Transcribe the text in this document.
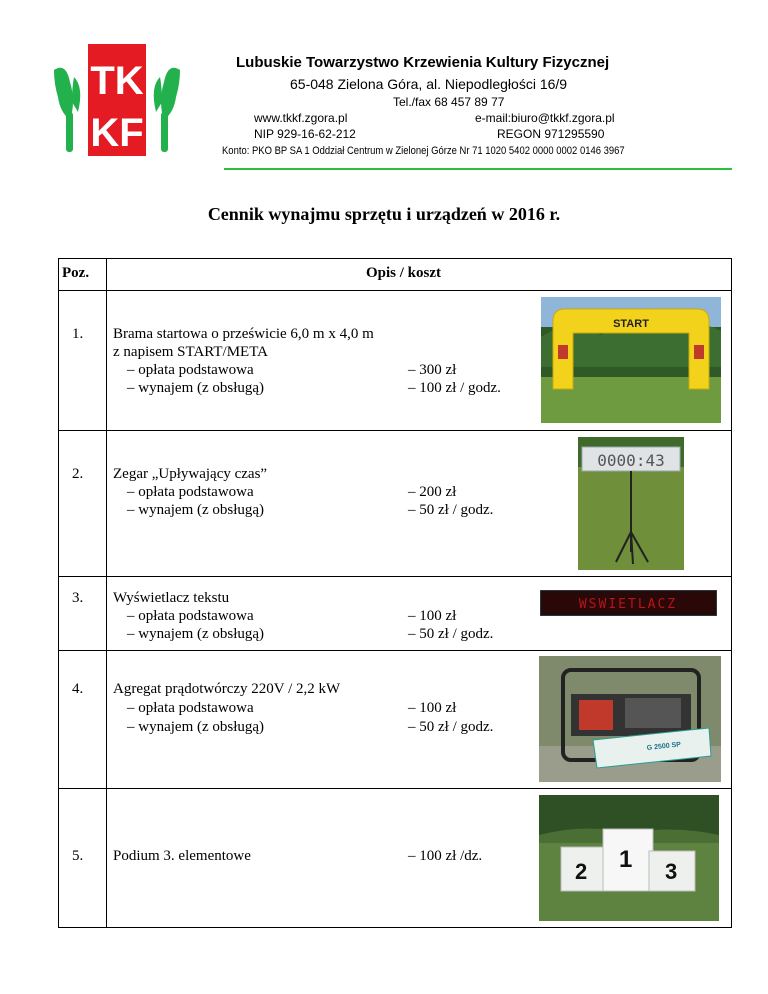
TK
KF
Lubuskie Towarzystwo Krzewienia Kultury Fizycznej
65-048 Zielona Góra, al. Niepodległości 16/9
Tel./fax 68 457 89 77
www.tkkf.zgora.pl	e-mail:biuro@tkkf.zgora.pl
NIP 929-16-62-212	REGON 971295590
Konto: PKO BP SA 1 Oddział Centrum w Zielonej Górze Nr 71 1020 5402 0000 0002 0146 3967
Cennik wynajmu sprzętu i urządzeń w 2016 r.
Poz.	Opis / koszt
1. Brama startowa o prześwicie 6,0 m x 4,0 m
z napisem START/META
– opłata podstawowa	– 300 zł
– wynajem (z obsługą)	– 100 zł / godz.
START
2. Zegar „Upływający czas”
– opłata podstawowa	– 200 zł
– wynajem (z obsługą)	– 50 zł / godz.
0000:43
3. Wyświetlacz tekstu
– opłata podstawowa	– 100 zł
– wynajem (z obsługą)	– 50 zł / godz.
WSWIETLACZ
4. Agregat prądotwórczy 220V / 2,2 kW
– opłata podstawowa	– 100 zł
– wynajem (z obsługą)	– 50 zł / godz.
G 2500 SP
5. Podium 3. elementowe	– 100 zł /dz.
2 1 3
